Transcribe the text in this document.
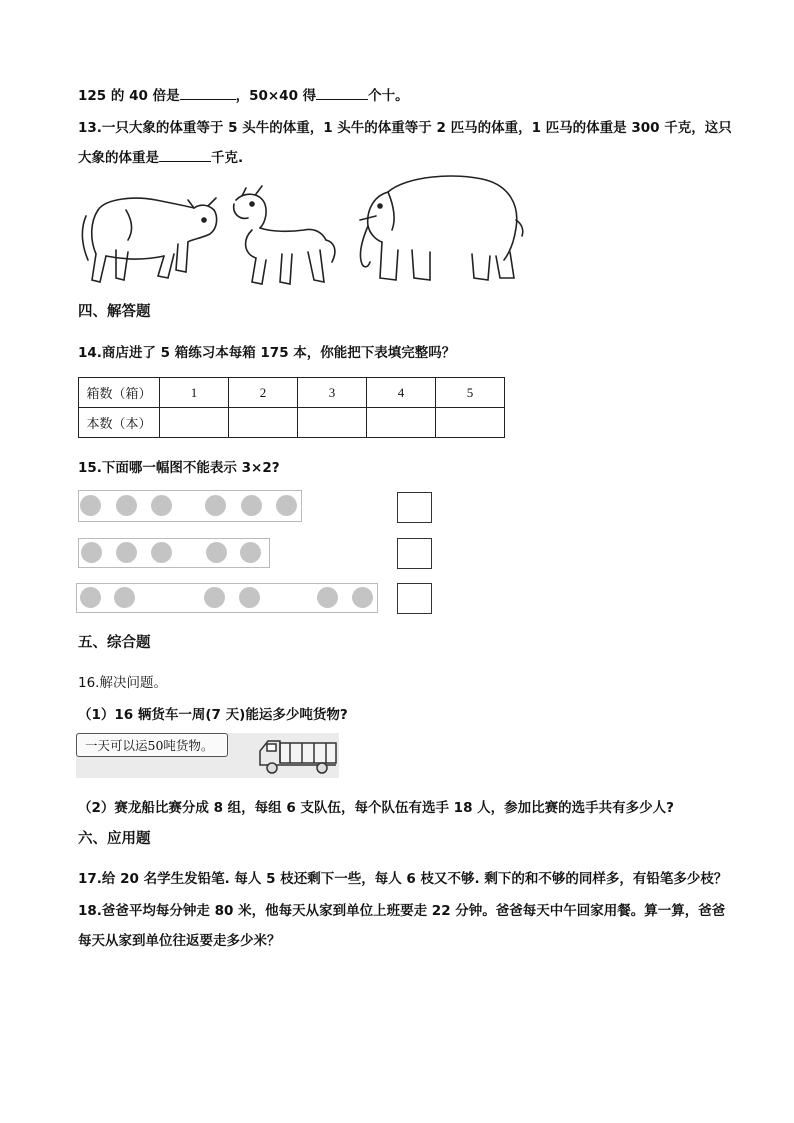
125 的 40 倍是	，50×40 得	个十。
13.一只大象的体重等于 5 头牛的体重，1 头牛的体重等于 2 匹马的体重，1 匹马的体重是 300 千克，这只
大象的体重是	千克.
四、解答题
14.商店进了 5 箱练习本每箱 175 本，你能把下表填完整吗？
箱数（箱）	1	2	3	4	5
本数（本）					
15.下面哪一幅图不能表示 3×2?
五、综合题
16.解决问题。
（1）16 辆货车一周(7 天)能运多少吨货物?
一天可以运50吨货物。
（2）赛龙船比赛分成 8 组，每组 6 支队伍，每个队伍有选手 18 人，参加比赛的选手共有多少人?
六、应用题
17.给 20 名学生发铅笔. 每人 5 枝还剩下一些，每人 6 枝又不够. 剩下的和不够的同样多，有铅笔多少枝？
18.爸爸平均每分钟走 80 米，他每天从家到单位上班要走 22 分钟。爸爸每天中午回家用餐。算一算，爸爸
每天从家到单位往返要走多少米？
